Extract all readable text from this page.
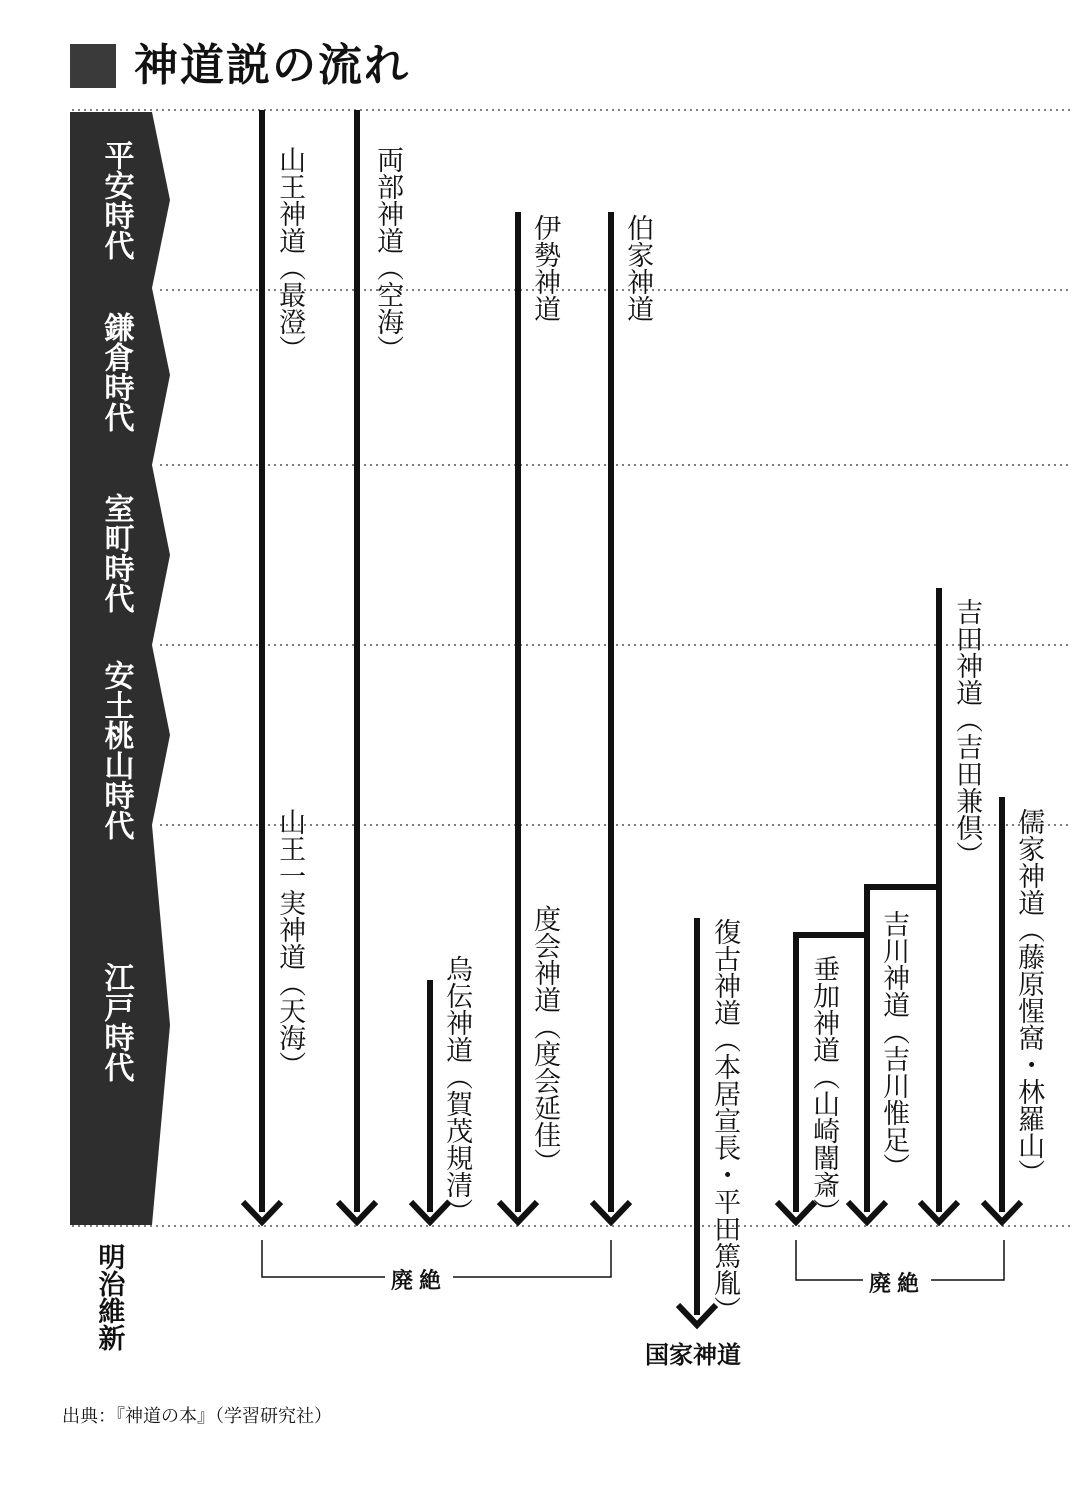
神道説の流れ
平安時代
鎌倉時代
室町時代
安土桃山時代
江戸時代
山王神道（最澄） 両部神道（空海）	伊勢神道 伯家神道
吉田神道（吉田兼倶）
山王一実神道（天海）	儒家神道（藤原惺窩・林羅山）
度会神道（度会延佳）	復古神道（本居宣長・平田篤胤）	吉川神道（吉川惟足）
烏伝神道（賀茂規清）	垂加神道（山崎闇斎）
明治維新	廃絶	廃絶
国家神道
出典：『神道の本』（学習研究社）
